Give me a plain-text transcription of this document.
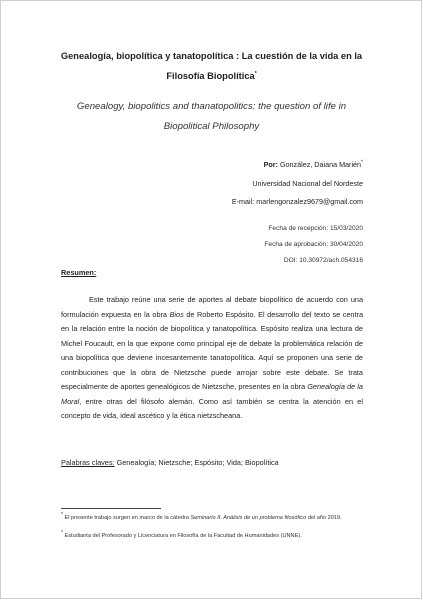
Genealogía, biopolítica y tanatopolítica : La cuestión de la vida en la
Filosofía Biopolítica*
Genealogy, biopolitics and thanatopolitics: the question of life in
Biopolitical Philosophy
Por: González, Daiana Marién*
Universidad Nacional del Nordeste
E-mail: marlengonzalez9679@gmail.com
Fecha de recepción: 15/03/2020
Fecha de aprobación: 30/04/2020
DOI: 10.30972/ach.054316
Resumen:

Este trabajo reúne una serie de aportes al debate biopolítico de acuerdo con una formulación expuesta en la obra Bios de Roberto Espósito. El desarrollo del texto se centra en la relación entre la noción de biopolítica y tanatopolítica. Espósito realiza una lectura de Michel Foucault, en la que expone como principal eje de debate la problemática relación de una biopolítica que deviene incesantemente tanatopolítica. Aquí se proponen una serie de contribuciones que la obra de Nietzsche puede arrojar sobre este debate. Se trata especialmente de aportes genealógicos de Nietzsche, presentes en la obra Genealogía de la Moral, entre otras del filósofo alemán. Como así también se centra la atención en el concepto de vida, ideal ascético y la ética nietzscheana.

Palabras claves: Genealogía; Nietzsche; Espósito; Vida; Biopolítica

* El presente trabajo surgen en marco de la cátedra Seminario II. Análisis de un problema filosófico del año 2019.

* Estudianta del Profesorado y Licenciatura en Filosofía de la Facultad de Humanidades (UNNE).
